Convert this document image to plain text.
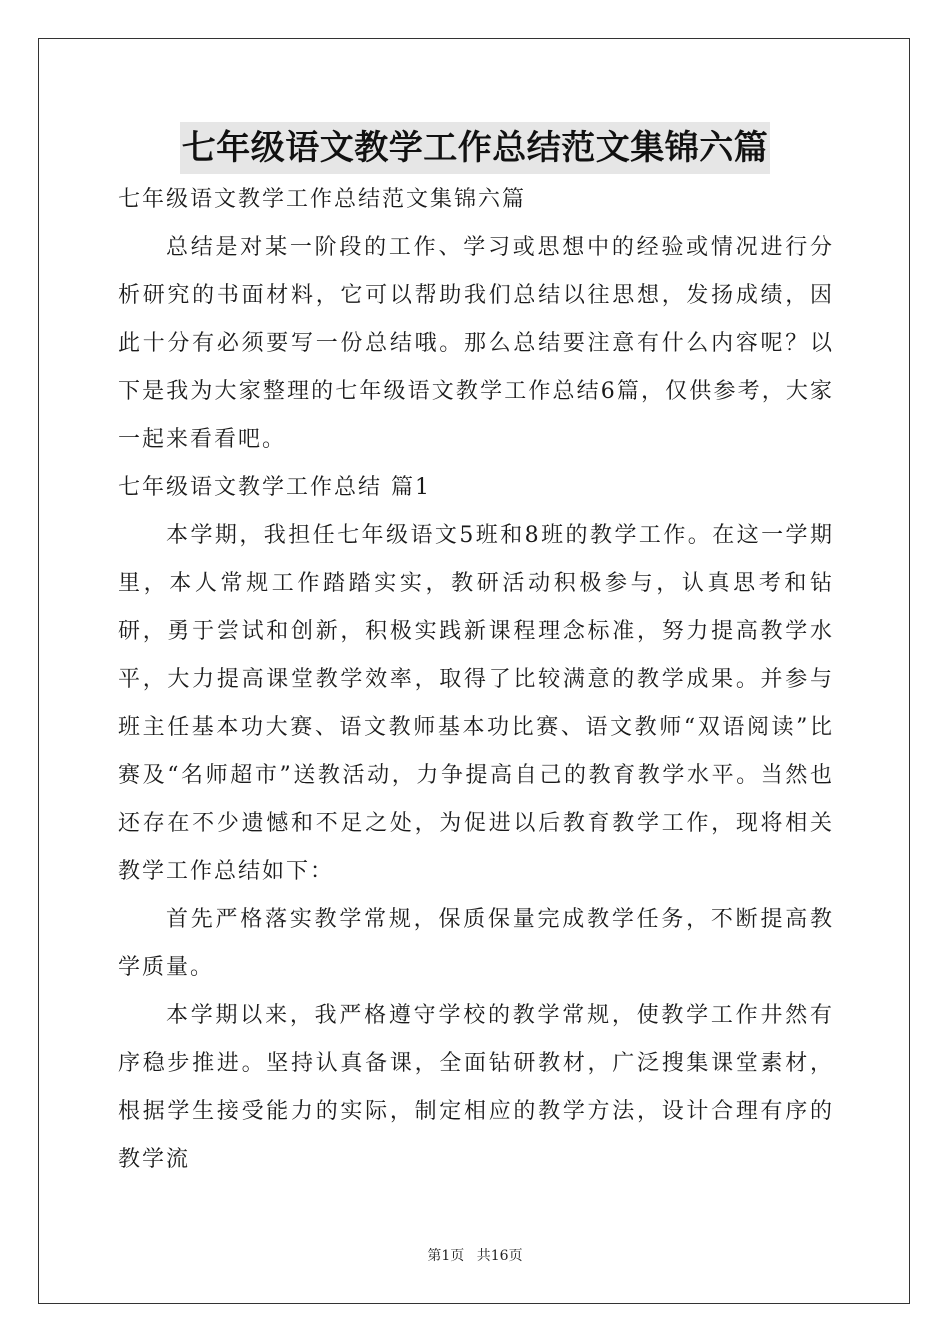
七年级语文教学工作总结范文集锦六篇

七年级语文教学工作总结范文集锦六篇

总结是对某一阶段的工作、学习或思想中的经验或情况进行分析研究的书面材料，它可以帮助我们总结以往思想，发扬成绩，因此十分有必须要写一份总结哦。那么总结要注意有什么内容呢？以下是我为大家整理的七年级语文教学工作总结6篇，仅供参考，大家一起来看看吧。

七年级语文教学工作总结 篇1

本学期，我担任七年级语文5班和8班的教学工作。在这一学期里，本人常规工作踏踏实实，教研活动积极参与，认真思考和钻研，勇于尝试和创新，积极实践新课程理念标准，努力提高教学水平，大力提高课堂教学效率，取得了比较满意的教学成果。并参与班主任基本功大赛、语文教师基本功比赛、语文教师“双语阅读”比赛及“名师超市”送教活动，力争提高自己的教育教学水平。当然也还存在不少遗憾和不足之处，为促进以后教育教学工作，现将相关教学工作总结如下：

首先严格落实教学常规，保质保量完成教学任务，不断提高教学质量。

本学期以来，我严格遵守学校的教学常规，使教学工作井然有序稳步推进。坚持认真备课，全面钻研教材，广泛搜集课堂素材，根据学生接受能力的实际，制定相应的教学方法，设计合理有序的教学流

第1页 共16页
